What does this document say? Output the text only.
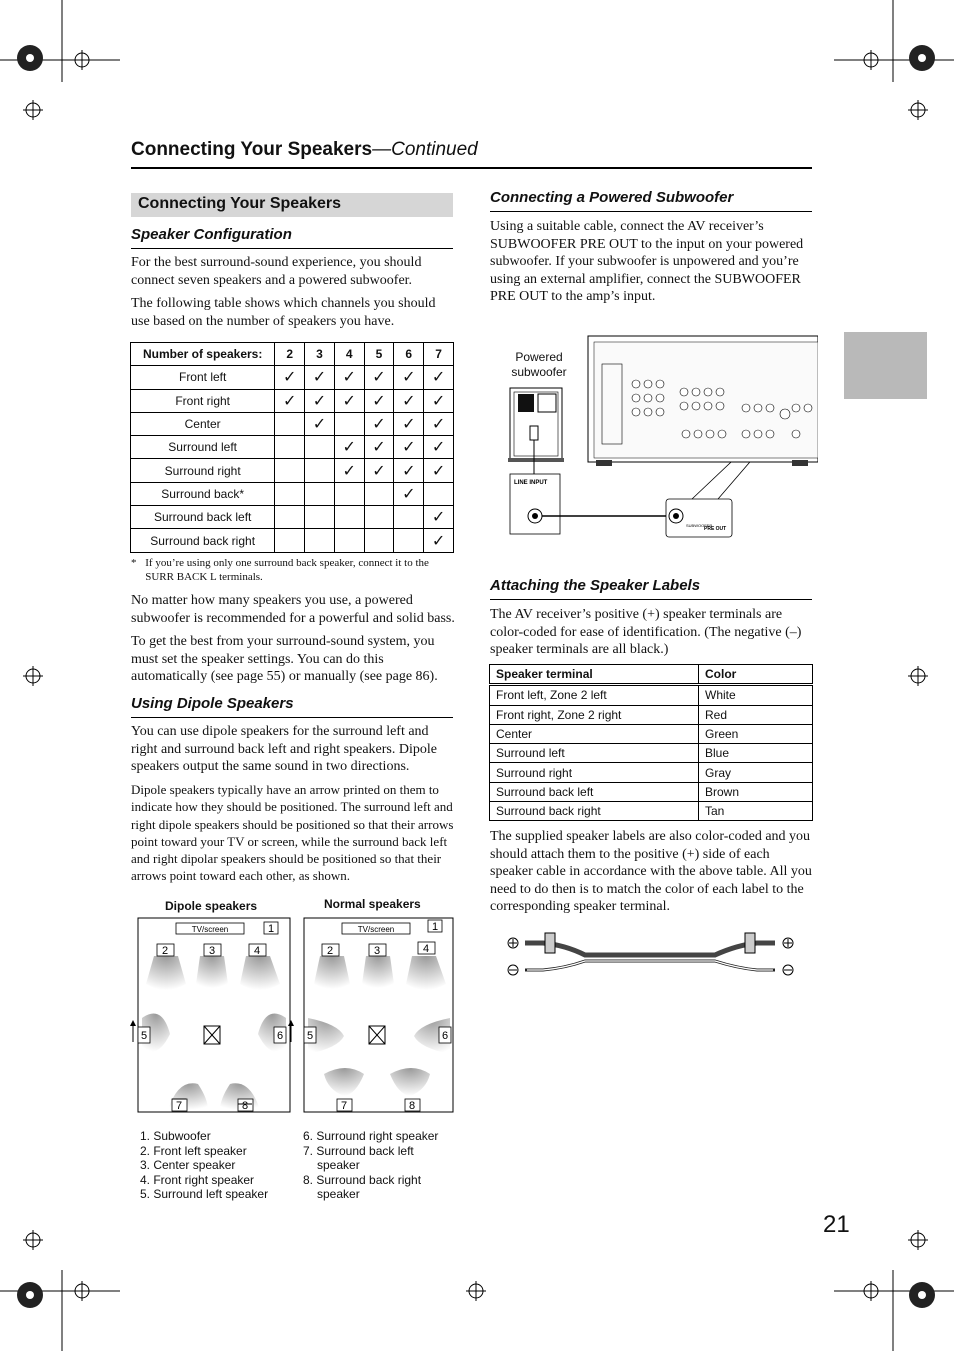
Connecting Your Speakers—Continued
Connecting Your Speakers
Speaker Configuration

For the best surround-sound experience, you should connect seven speakers and a powered subwoofer.

The following table shows which channels you should use based on the number of speakers you have.

Number of speakers:	2	3	4	5	6	7
Front left	✓	✓	✓	✓	✓	✓
Front right	✓	✓	✓	✓	✓	✓
Center		✓		✓	✓	✓
Surround left			✓	✓	✓	✓
Surround right			✓	✓	✓	✓
Surround back*					✓	
Surround back left						✓
Surround back right						✓
* If you’re using only one surround back speaker, connect it to the SURR BACK L terminals.

No matter how many speakers you use, a powered subwoofer is recommended for a powerful and solid bass.

To get the best from your surround-sound system, you must set the speaker settings. You can do this automatically (see page 55) or manually (see page 86).

Using Dipole Speakers
You can use dipole speakers for the surround left and right and surround back left and right speakers. Dipole speakers output the same sound in two directions.
Dipole speakers typically have an arrow printed on them to indicate how they should be positioned. The surround left and right dipole speakers should be positioned so that their arrows point toward your TV or screen, while the surround back left and right dipolar speakers should be positioned so that their arrows point toward each other, as shown.
Dipole speakers	Normal speakers
TV/screen	TV/screen
1
2	3	4
5	6
7	8
1
2	3	4
5	6
7	8
1. Subwoofer
2. Front left speaker
3. Center speaker
4. Front right speaker
5. Surround left speaker
6. Surround right speaker
7. Surround back left
speaker
8. Surround back right
speaker
Connecting a Powered Subwoofer
Using a suitable cable, connect the AV receiver’s SUBWOOFER PRE OUT to the input on your powered subwoofer. If your subwoofer is unpowered and you’re using an external amplifier, connect the SUBWOOFER PRE OUT to the amp’s input.
Powered
subwoofer
LINE INPUT
SUBWOOFER
PRE OUT
Attaching the Speaker Labels
The AV receiver’s positive (+) speaker terminals are color-coded for ease of identification. (The negative (–) speaker terminals are all black.)
Speaker terminal	Color
Front left, Zone 2 left	White
Front right, Zone 2 right	Red
Center	Green
Surround left	Blue
Surround right	Gray
Surround back left	Brown
Surround back right	Tan
The supplied speaker labels are also color-coded and you should attach them to the positive (+) side of each speaker cable in accordance with the above table. All you need to do then is to match the color of each label to the corresponding speaker terminal.
21
